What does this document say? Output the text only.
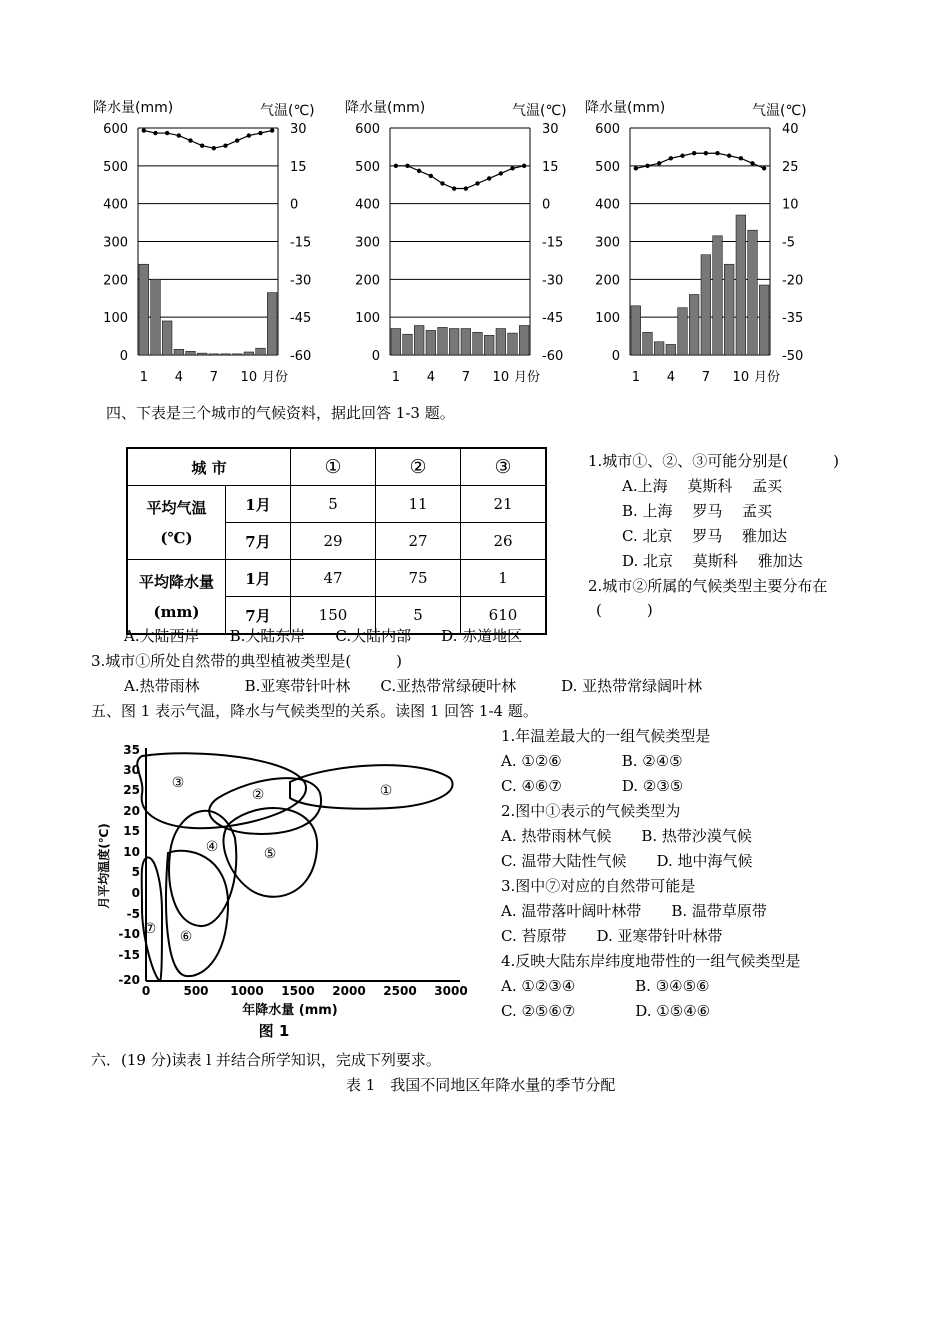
降水量(mm)	气温(℃)
600	30
500	15
400	0
300	-15
200	-30
100	-45
0	-60
1 4 7 10 月份
降水量(mm)	气温(℃)
600	30
500	15
400	0
300	-15
200	-30
100	-45
0	-60
1 4 7 10 月份
降水量(mm)	气温(℃)
600	40
500	25
400	10
300	-5
200	-20
100	-35
0	-50
1 4 7 10 月份
四、下表是三个城市的气候资料，据此回答 1-3 题。
城 市		①	②	③
平均气温
(℃)	1月	5	11	21
	7月	29	27	26
平均降水量
(mm)	1月	47	75	1
	7月	150	5	610
1.城市①、②、③可能分别是(　　　)
A.上海　 莫斯科　 孟买
B. 上海　 罗马　 孟买
C. 北京　 罗马　 雅加达
D. 北京　 莫斯科　 雅加达
2.城市②所属的气候类型主要分布在
(　　　)
A.大陆西岸　　B.大陆东岸　　C.大陆内部　　D. 赤道地区
3.城市①所处自然带的典型植被类型是(　　　)
A.热带雨林　　　B.亚寒带针叶林　　C.亚热带常绿硬叶林　　　D. 亚热带常绿阔叶林
五、图 1 表示气温，降水与气候类型的关系。读图 1 回答 1-4 题。
35
30
25
20
15
10
5
0
-5
-10
-15
-20
0	500 1000 1500 2000 2500 3000
月平均温度(℃)
年降水量 (mm)
图 1
①
②
③
④	⑤
⑥
⑦
1.年温差最大的一组气候类型是
A. ①②⑥　　　　B. ②④⑤
C. ④⑥⑦　　　　D. ②③⑤
2.图中①表示的气候类型为
A. 热带雨林气候　　B. 热带沙漠气候
C. 温带大陆性气候　　D. 地中海气候
3.图中⑦对应的自然带可能是
A. 温带落叶阔叶林带　　B. 温带草原带
C. 苔原带　　D. 亚寒带针叶林带
4.反映大陆东岸纬度地带性的一组气候类型是
A. ①②③④　　　　B. ③④⑤⑥
C. ②⑤⑥⑦　　　　D. ①⑤④⑥
六．(19 分)读表 l 并结合所学知识，完成下列要求。
表 1　我国不同地区年降水量的季节分配
